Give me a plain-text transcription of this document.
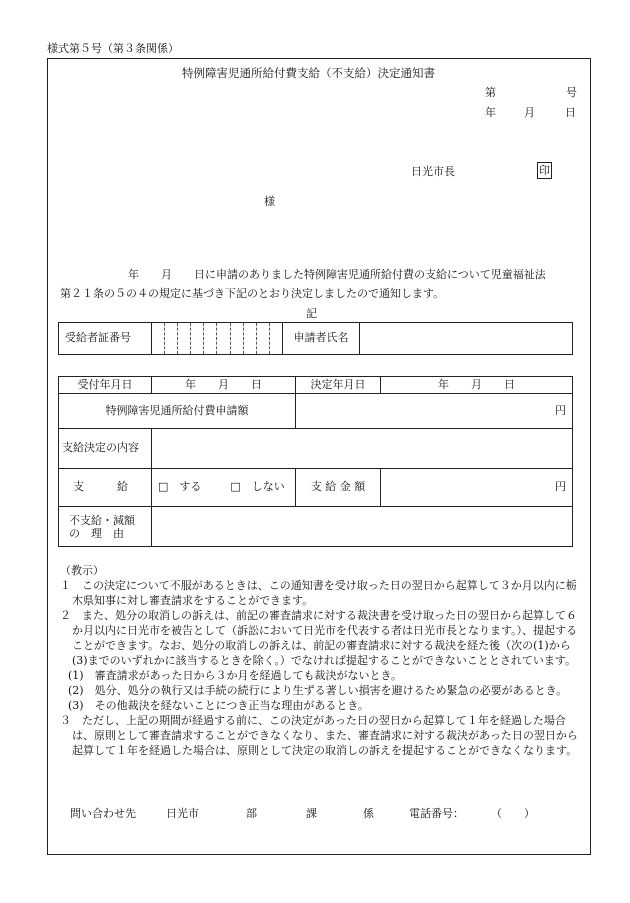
様式第５号（第３条関係）
特例障害児通所給付費支給（不支給）決定通知書
第	号
年	月	日
日光市長	印
様
年　　月　　日に申請のありました特例障害児通所給付費の支給について児童福祉法
第２１条の５の４の規定に基づき下記のとおり決定しましたので通知します。
記
受給者証番号		申請者氏名	
受付年月日	年　　月　　日	決定年月日	年　　月　　日
特例障害児通所給付費申請額		円	
支給決定の内容			
支　　　給	□　する □　しない	支 給 金 額	円

不支給・減額
の　理　由			

（教示）
１　この決定について不服があるときは、この通知書を受け取った日の翌日から起算して３か月以内に栃木県知事に対し審査請求をすることができます。
２　また、処分の取消しの訴えは、前記の審査請求に対する裁決書を受け取った日の翌日から起算して６か月以内に日光市を被告として（訴訟において日光市を代表する者は日光市長となります。）、提起することができます。なお、処分の取消しの訴えは、前記の審査請求に対する裁決を経た後（次の(1)から(3)までのいずれかに該当するときを除く。）でなければ提起することができないこととされています。
(1)　審査請求があった日から３か月を経過しても裁決がないとき。
(2)　処分、処分の執行又は手続の続行により生ずる著しい損害を避けるため緊急の必要があるとき。
(3)　その他裁決を経ないことにつき正当な理由があるとき。
３　ただし、上記の期間が経過する前に、この決定があった日の翌日から起算して１年を経過した場合は、原則として審査請求することができなくなり、また、審査請求に対する裁決があった日の翌日から起算して１年を経過した場合は、原則として決定の取消しの訴えを提起することができなくなります。
問い合わせ先	日光市	部	課	係	電話番号： （　　）
